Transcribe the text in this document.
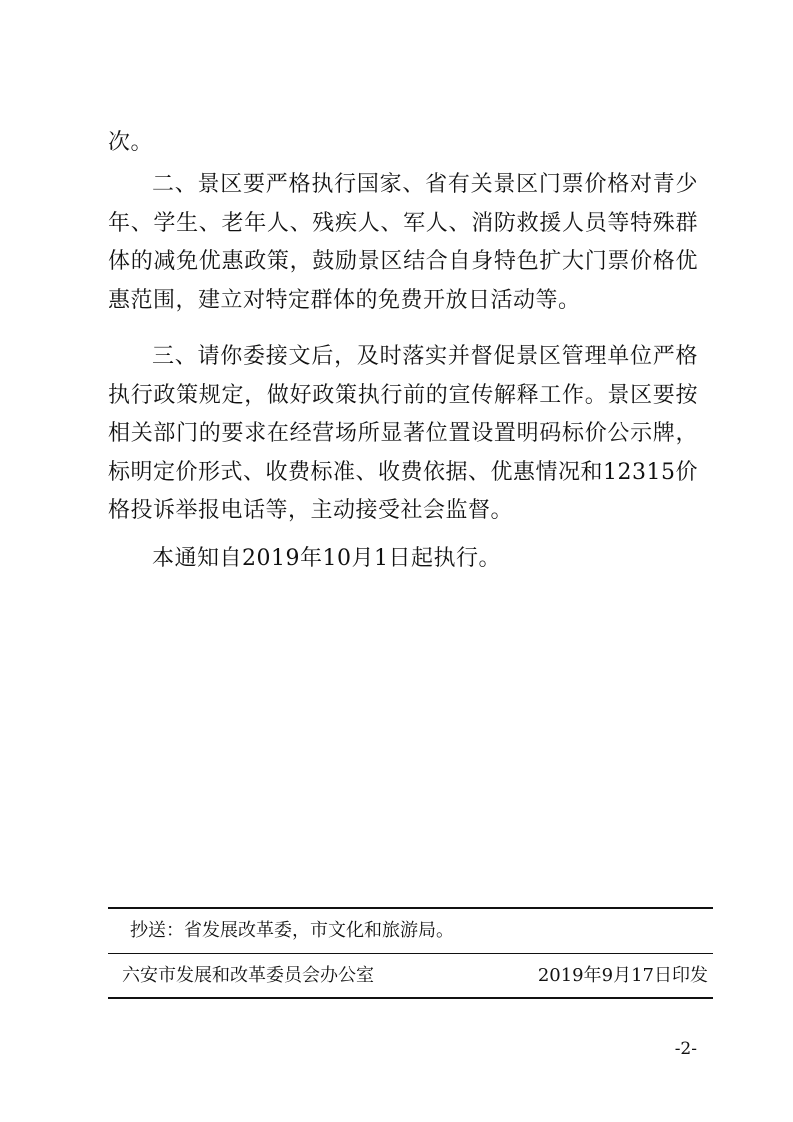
次。

二、景区要严格执行国家、省有关景区门票价格对青少年、学生、老年人、残疾人、军人、消防救援人员等特殊群体的减免优惠政策，鼓励景区结合自身特色扩大门票价格优惠范围，建立对特定群体的免费开放日活动等。

三、请你委接文后，及时落实并督促景区管理单位严格执行政策规定，做好政策执行前的宣传解释工作。景区要按相关部门的要求在经营场所显著位置设置明码标价公示牌，标明定价形式、收费标准、收费依据、优惠情况和12315价格投诉举报电话等，主动接受社会监督。

本通知自2019年10月1日起执行。

抄送：省发展改革委，市文化和旅游局。
六安市发展和改革委员会办公室	2019年9月17日印发
-2-
